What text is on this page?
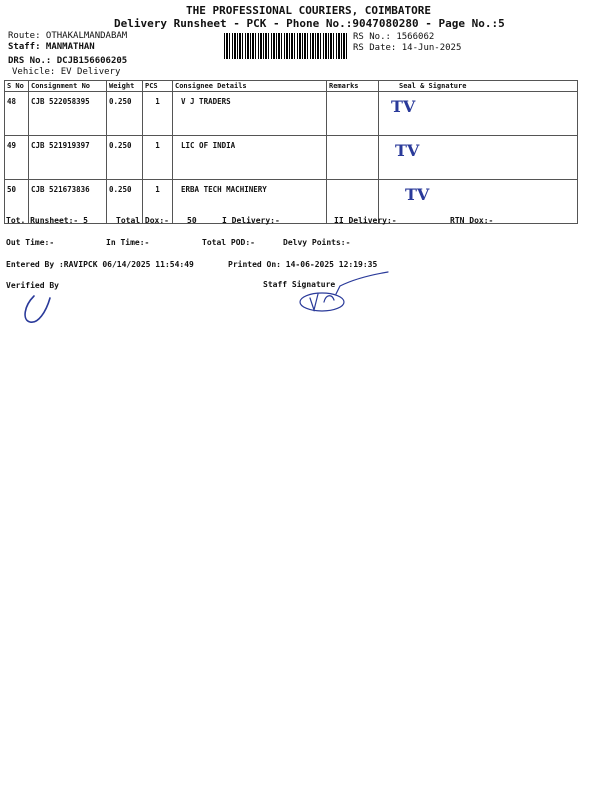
THE PROFESSIONAL COURIERS, COIMBATORE
Delivery Runsheet - PCK - Phone No.:9047080280 - Page No.:5
Route: OTHAKALMANDABAM
Staff: MANMATHAN
DRS No.: DCJB156606205
Vehicle: EV Delivery
RS No.: 1566062
RS Date: 14-Jun-2025
S No	Consignment No	Weight	PCS	Consignee Details	Remarks	Seal & Signature
48	CJB 522058395	0.250	1	V J TRADERS		TV
49	CJB 521919397	0.250	1	LIC OF INDIA		TV
50	CJB 521673836	0.250	1	ERBA TECH MACHINERY		TV
Tot. Runsheet:- 5	Total Dox:- 50	I Delivery:-	II Delivery:-	RTN Dox:-
Out Time:-	In Time:-	Total POD:-	Delvy Points:-
Entered By :RAVIPCK 06/14/2025 11:54:49	Printed On: 14-06-2025 12:19:35
Verified By	Staff Signature
